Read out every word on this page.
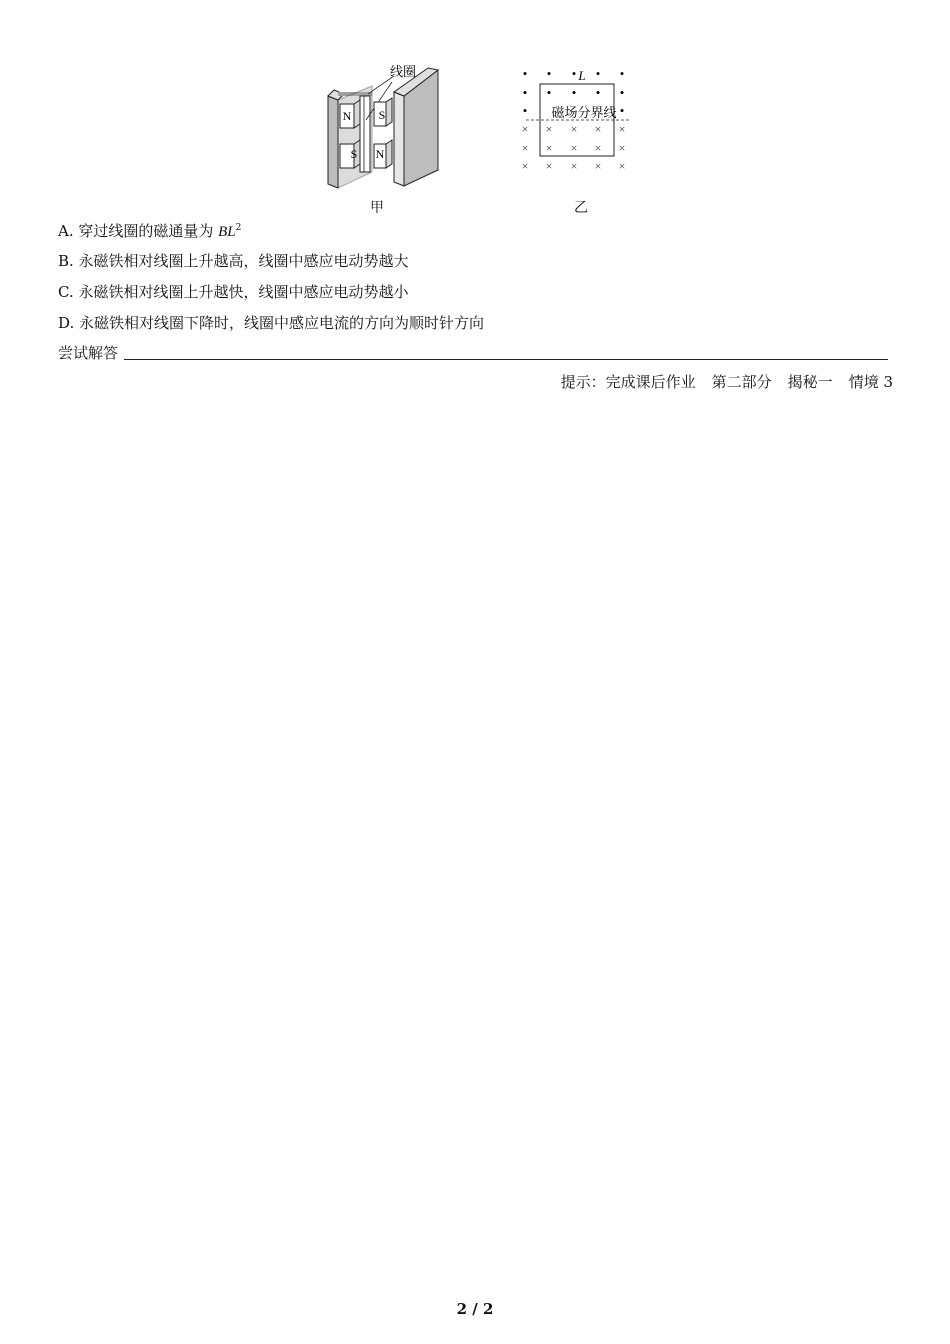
N
S
线圈
S
N
• • • • •
• • • • •
•	•
× × × × ×
× × × × ×
× × × × ×
L
磁场分界线
甲	乙
A. 穿过线圈的磁通量为 $BL^2$
B. 永磁铁相对线圈上升越高，线圈中感应电动势越大
C. 永磁铁相对线圈上升越快，线圈中感应电动势越小
D. 永磁铁相对线圈下降时，线圈中感应电流的方向为顺时针方向
尝试解答
提示：完成课后作业 第二部分 揭秘一 情境 3
2 / 2
